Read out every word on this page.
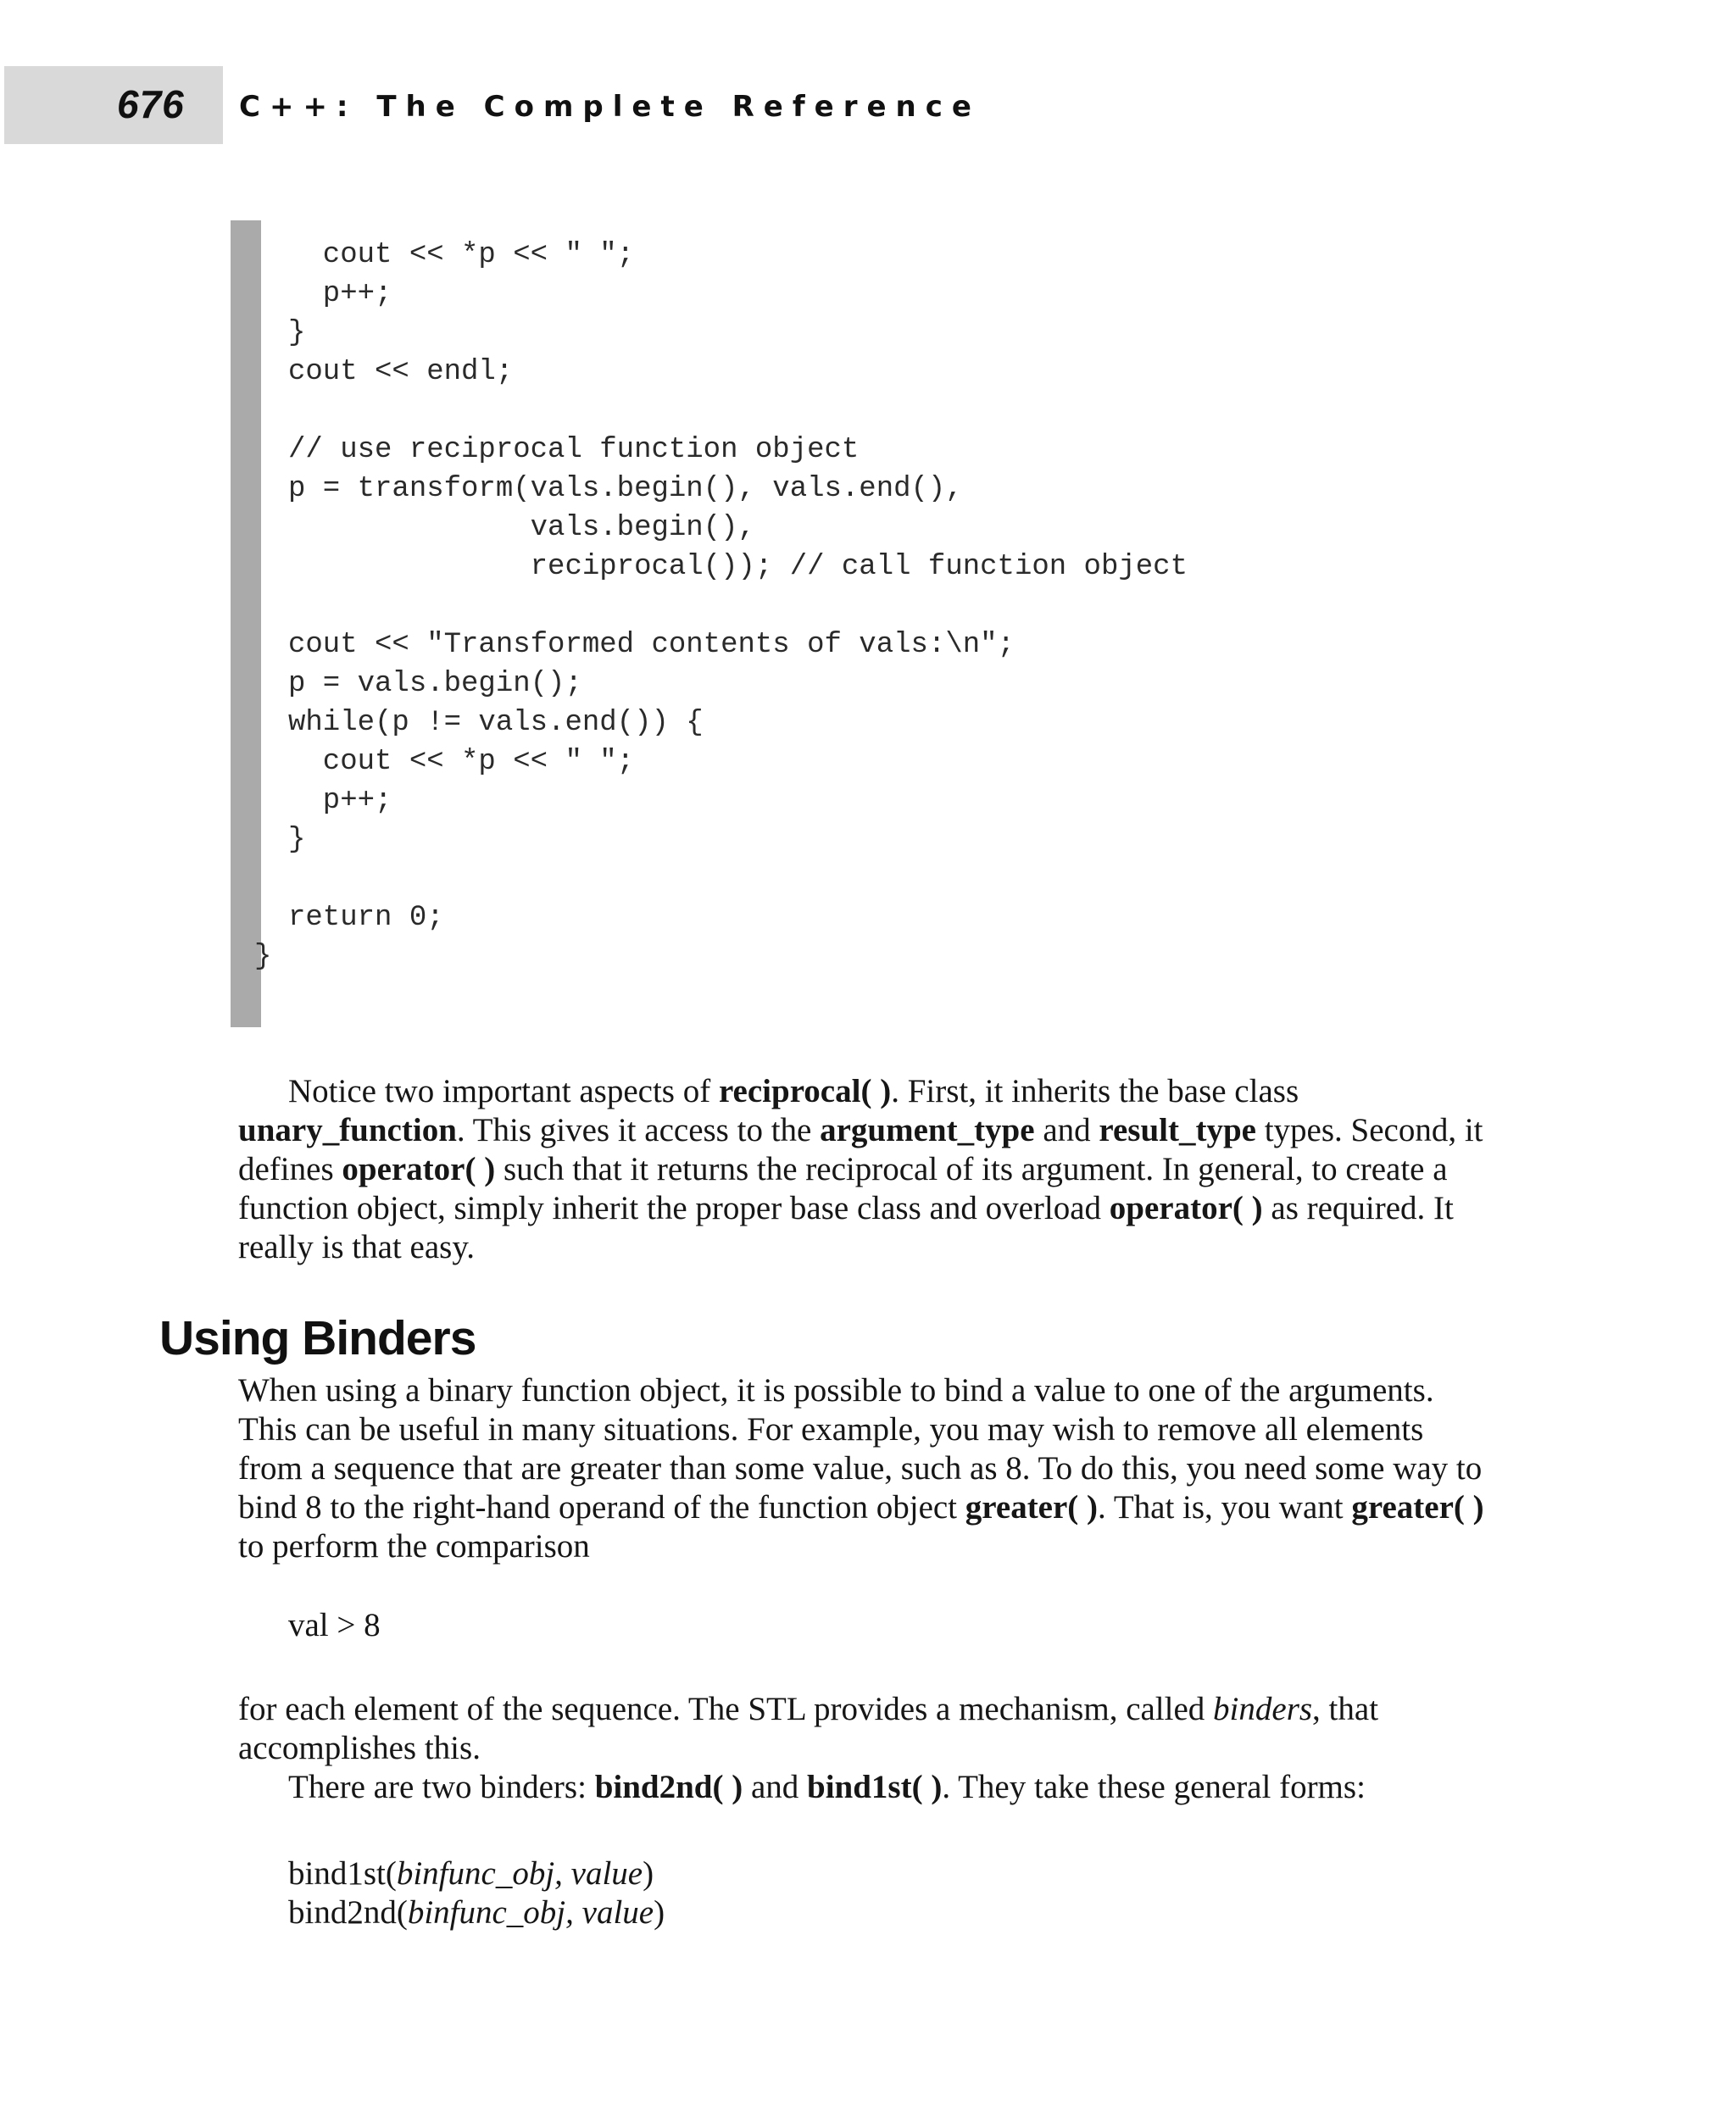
676 C++: The Complete Reference
cout << *p << " ";
p++;
}
cout << endl;

// use reciprocal function object
p = transform(vals.begin(), vals.end(),
vals.begin(),
reciprocal()); // call function object

cout << "Transformed contents of vals:\n";
p = vals.begin();
while(p != vals.end()) {
cout << *p << " ";
p++;
}

return 0;
}

Notice two important aspects of reciprocal( ). First, it inherits the base class unary_function. This gives it access to the argument_type and result_type types. Second, it defines operator( ) such that it returns the reciprocal of its argument. In general, to create a function object, simply inherit the proper base class and overload operator( ) as required. It really is that easy.

Using Binders

When using a binary function object, it is possible to bind a value to one of the arguments. This can be useful in many situations. For example, you may wish to remove all elements from a sequence that are greater than some value, such as 8. To do this, you need some way to bind 8 to the right-hand operand of the function object greater( ). That is, you want greater( ) to perform the comparison

val > 8

for each element of the sequence. The STL provides a mechanism, called binders, that accomplishes this.

There are two binders: bind2nd( ) and bind1st( ). They take these general forms:

bind1st(binfunc_obj, value)

bind2nd(binfunc_obj, value)
